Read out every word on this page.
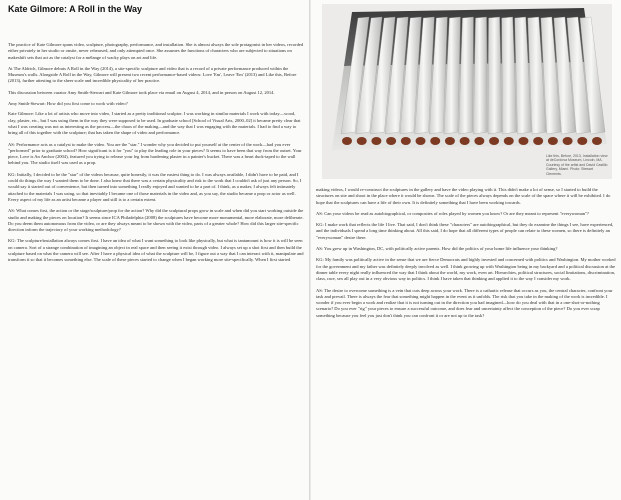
Kate Gilmore: A Roll in the Way

The practice of Kate Gilmore spans video, sculpture, photography, performance, and installation. She is almost always the sole protagonist in her videos, recorded either privately in her studio or onsite, never rehearsed, and only attempted once. She assumes the functions of characters who are subjected to situations on makeshift sets that act as the catalyst for a mélange of wacky plays on art and life.

At The Aldrich, Gilmore debuts A Roll in the Way (2014), a site-specific sculpture and video that is a record of a private performance produced within the Museum's walls. Alongside A Roll in the Way, Gilmore will present two recent performance-based videos: Love 'Em', Leave 'Em' (2013) and Like this, Before (2013), further attesting to the sheer scale and incredible physicality of her practice.

This discussion between curator Amy Smith-Stewart and Kate Gilmore took place via email on August 4, 2014, and in person on August 12, 2014.

Amy Smith-Stewart: How did you first come to work with video?

Kate Gilmore: Like a lot of artists who move into video, I started as a pretty traditional sculptor. I was working in similar materials I work with today—wood, clay, plaster, etc., but I was using them in the way they were supposed to be used. In graduate school [School of Visual Arts, 2000–02] it became pretty clear that what I was creating was not as interesting as the process—the chaos of the making—and the way that I was engaging with the materials. I had to find a way to bring all of this together with the sculpture; that has taken the shape of video and performance.

AS: Performance acts as a catalyst to make the video. You are the "star." I wonder why you decided to put yourself at the center of the work—had you ever "performed" prior to graduate school? How significant is it for "you" to play the leading role in your pieces? It seems to have been that way from the outset. Your piece, Love is An Anchor (2004), featured you trying to release your leg from hardening plaster in a painter's bucket. There was a heart duck-taped to the wall behind you. The studio itself was used as a prop.

KG: Initially, I decided to be the "star" of the videos because, quite honestly, it was the easiest thing to do. I was always available, I didn't have to be paid, and I could do things the way I wanted them to be done. I also knew that there was a certain physicality and risk to the work that I couldn't ask of just any person. So, I would say it started out of convenience, but then turned into something I really enjoyed and wanted to be a part of. I think, as a maker, I always felt intimately attached to the materials I was using, so that inevitably I became one of those materials in the video and, as you say, the studio became a prop or actor as well. Every aspect of my life as an artist became a player and still is to a certain extent.

AS: What comes first, the action or the stage/sculpture/prop for the action? Why did the sculptural props grow in scale and when did you start working outside the studio and making the pieces on location? It seems since ICA Philadelphia (2008) the sculptures have become more monumental, more elaborate, more deliberate. Do you deem them autonomous from the video, or are they always meant to be shown with the video, parts of a greater whole? How did this larger site-specific direction inform the trajectory of your working methodology?

KG: The sculpture/installation always comes first. I have an idea of what I want something to look like physically, but what is tantamount is how it is will be seen on camera. Sort of a strange combination of imagining an object in real space and then seeing it exist through video. I always set up a shot first and then build the sculpture based on what the camera will see. After I have a physical idea of what the sculpture will be, I figure out a way that I can interact with it, manipulate and transform it so that it becomes something else. The scale of these pieces started to change when I began working more site-specifically. When I first started

Like this, Before, 2013, Installation view at deCordova Museum, Lincoln, MA. Courtesy of the artist and David Castillo Gallery, Miami. Photo: Stewart Clements.

making videos, I would re-construct the sculptures in the gallery and have the video playing with it. This didn't make a lot of sense, so I started to build the structures on site and shoot in the place where it would be shown. The scale of the pieces always depends on the scale of the space where it will be exhibited. I do hope that the sculptures can have a life of their own. It is definitely something that I have been working towards.

AS: Can your videos be read as autobiographical, or composites of roles played by women you know? Or are they meant to represent "everywoman"?

KG: I make work that reflects the life I live. That said, I don't think these "characters" are autobiographical, but they do examine the things I see, have experienced, and the individuals I spend a long time thinking about. All this said, I do hope that all different types of people can relate to these women, so there is definitely an "everywoman" desire there.

AS: You grew up in Washington, DC, with politically active parents. How did the politics of your home life influence your thinking?

KG: My family was politically active in the sense that we are fierce Democrats and highly invested and concerned with politics and Washington. My mother worked for the government and my father was definitely deeply involved as well. I think growing up with Washington being in my backyard and a political discussion at the dinner table every night really influenced the way that I think about the world, my work, even art. Hierarchies, political structures, social limitations, discrimination, class, race, sex all play out in a very obvious way in politics. I think I have taken that thinking and applied it to the way I consider my work.

AS: The desire to overcome something is a vein that cuts deep across your work. There is a cathartic release that occurs as you, the central character, confront your task and prevail. There is always the fear that something might happen in the event as it unfolds. The risk that you take in the making of the work is incredible. I wonder if you ever begin a work and realize that it is not turning out in the direction you had imagined—how do you deal with that in a one-shot-or-nothing scenario? Do you ever "rig" your pieces to ensure a successful outcome, and does fear and uncertainty affect the conception of the piece? Do you ever scrap something because you feel you just don't think you can confront it or are not up to the task?
